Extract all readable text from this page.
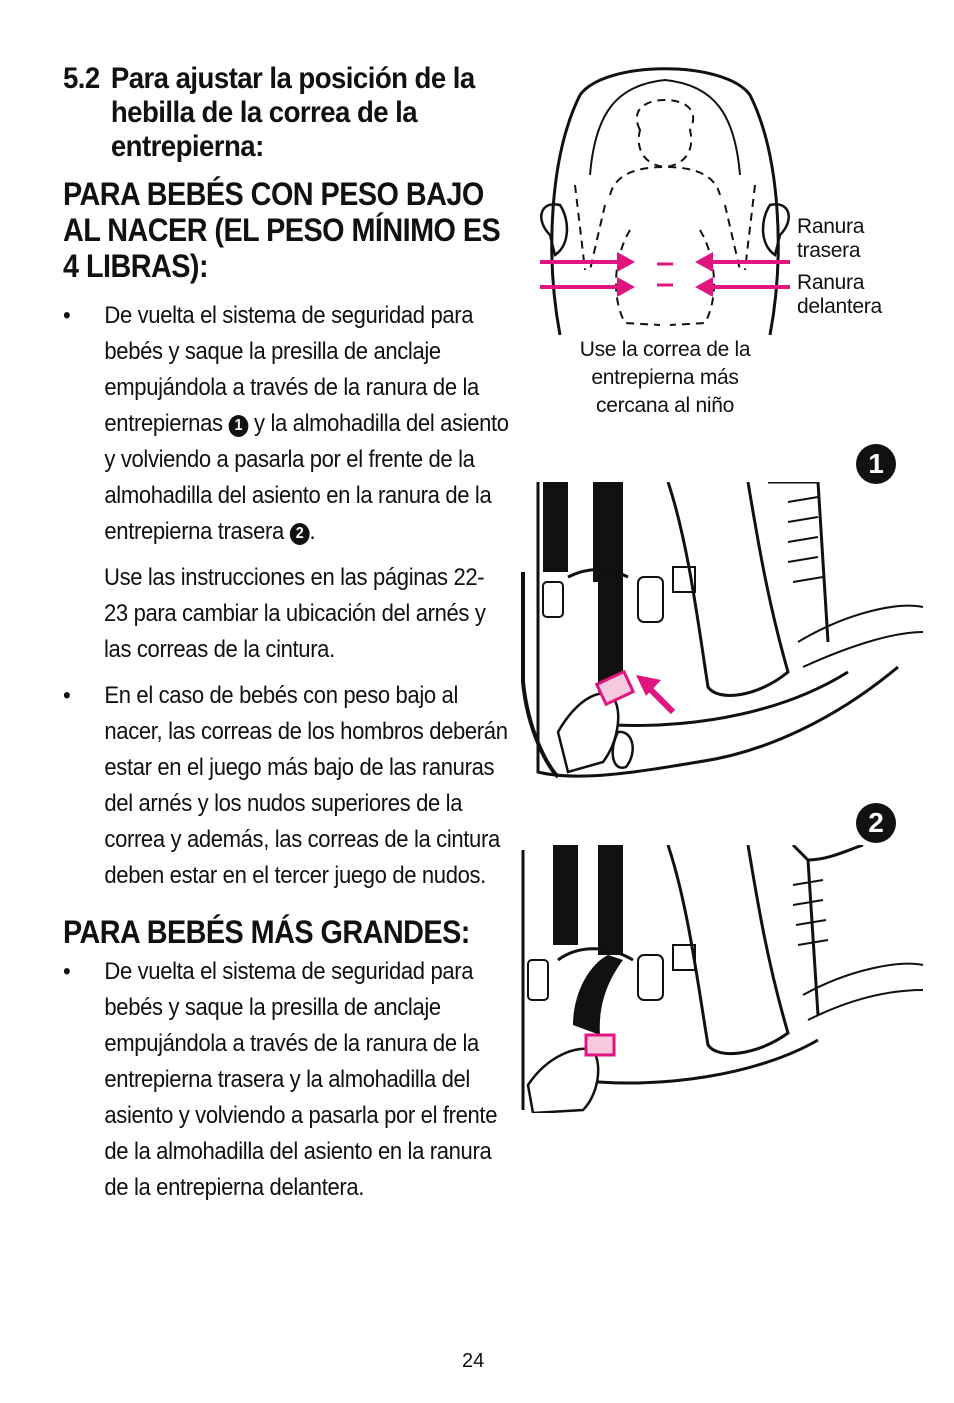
5.2 Para ajustar la posición de la hebilla de la correa de la entrepierna:
PARA BEBÉS CON PESO BAJO AL NACER (EL PESO MÍNIMO ES 4 LIBRAS):
•	De vuelta el sistema de seguridad para bebés y saque la presilla de anclaje empujándola a través de la ranura de la entrepiernas 1 y la almohadilla del asiento y volviendo a pasarla por el frente de la almohadilla del asiento en la ranura de la entrepierna trasera 2 .
Use las instrucciones en las páginas 22- 23 para cambiar la ubicación del arnés y las correas de la cintura.
•	En el caso de bebés con peso bajo al nacer, las correas de los hombros deberán estar en el juego más bajo de las ranuras del arnés y los nudos superiores de la correa y además, las correas de la cintura deben estar en el tercer juego de nudos.
PARA BEBÉS MÁS GRANDES:
•	De vuelta el sistema de seguridad para bebés y saque la presilla de anclaje empujándola a través de la ranura de la entrepierna trasera y la almohadilla del asiento y volviendo a pasarla por el frente de la almohadilla del asiento en la ranura de la entrepierna delantera.
Ranura trasera
Ranura delantera
Use la correa de la entrepierna más cercana al niño
1
2
24
